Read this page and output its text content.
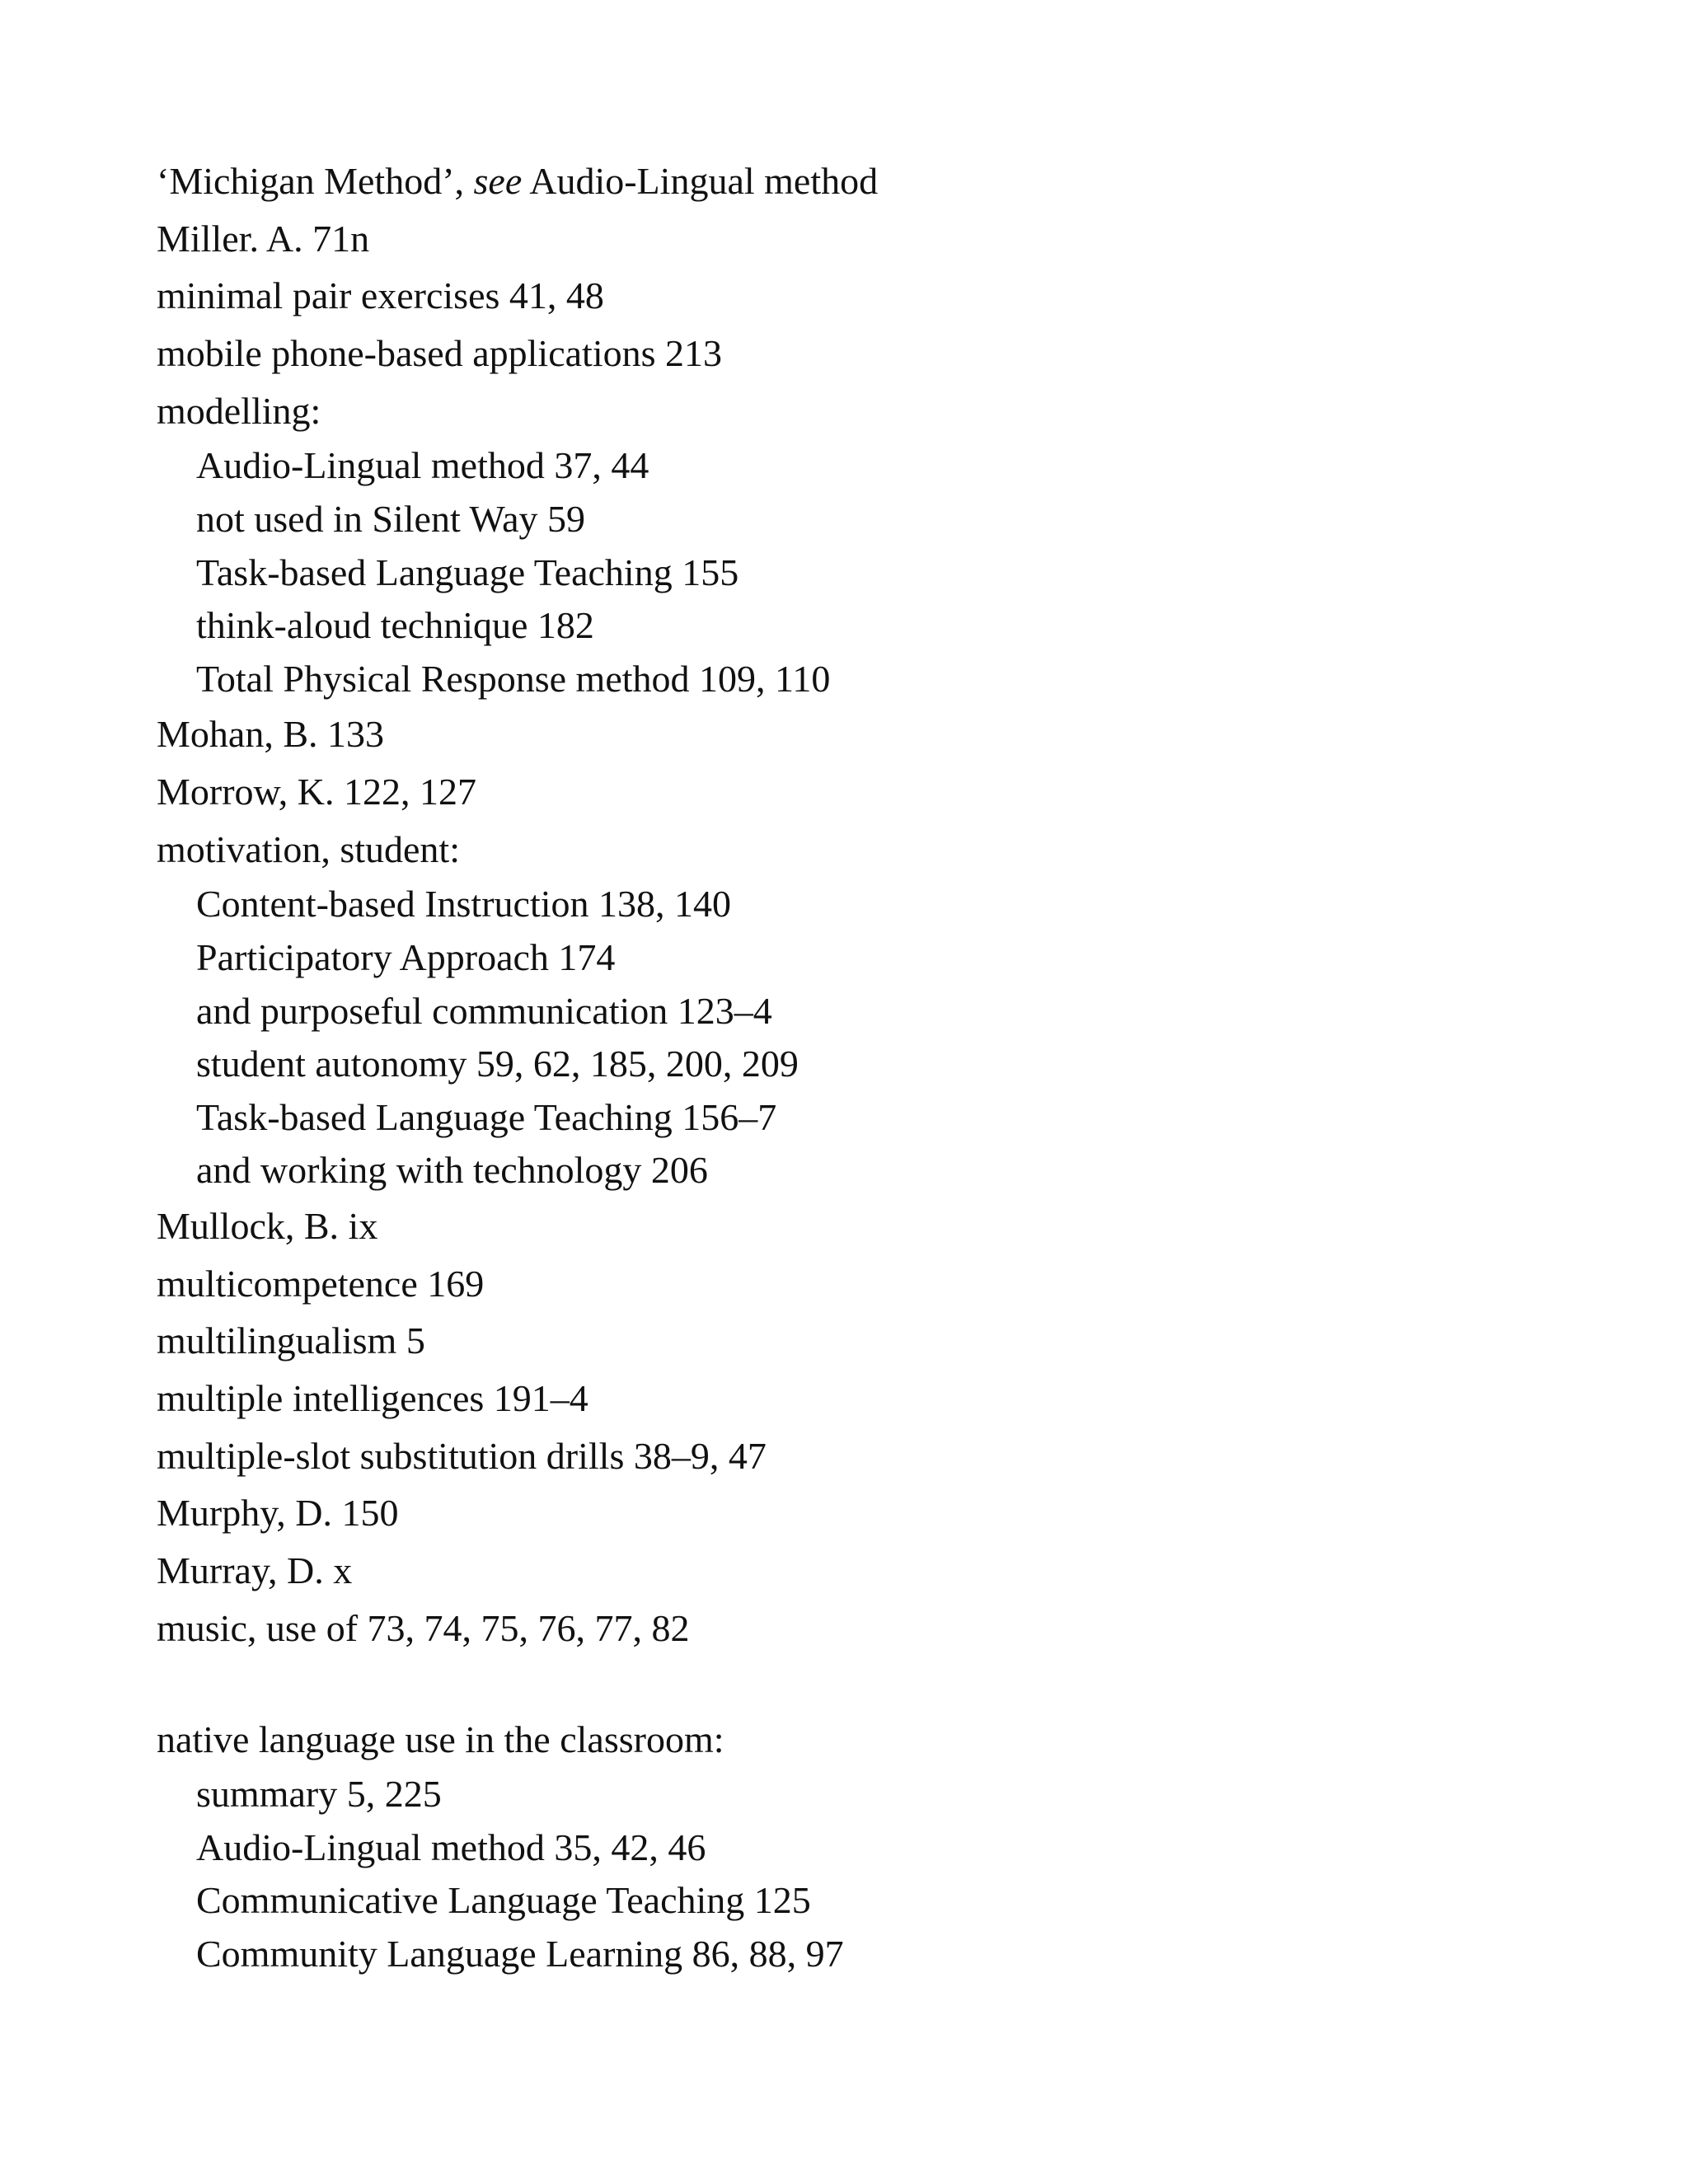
‘Michigan Method’, see Audio-Lingual method
Miller. A. 71n
minimal pair exercises 41, 48
mobile phone-based applications 213
modelling:
Audio-Lingual method 37, 44
not used in Silent Way 59
Task-based Language Teaching 155
think-aloud technique 182
Total Physical Response method 109, 110
Mohan, B. 133
Morrow, K. 122, 127
motivation, student:
Content-based Instruction 138, 140
Participatory Approach 174
and purposeful communication 123–4
student autonomy 59, 62, 185, 200, 209
Task-based Language Teaching 156–7
and working with technology 206
Mullock, B. ix
multicompetence 169
multilingualism 5
multiple intelligences 191–4
multiple-slot substitution drills 38–9, 47
Murphy, D. 150
Murray, D. x
music, use of 73, 74, 75, 76, 77, 82
native language use in the classroom:
summary 5, 225
Audio-Lingual method 35, 42, 46
Communicative Language Teaching 125
Community Language Learning 86, 88, 97
